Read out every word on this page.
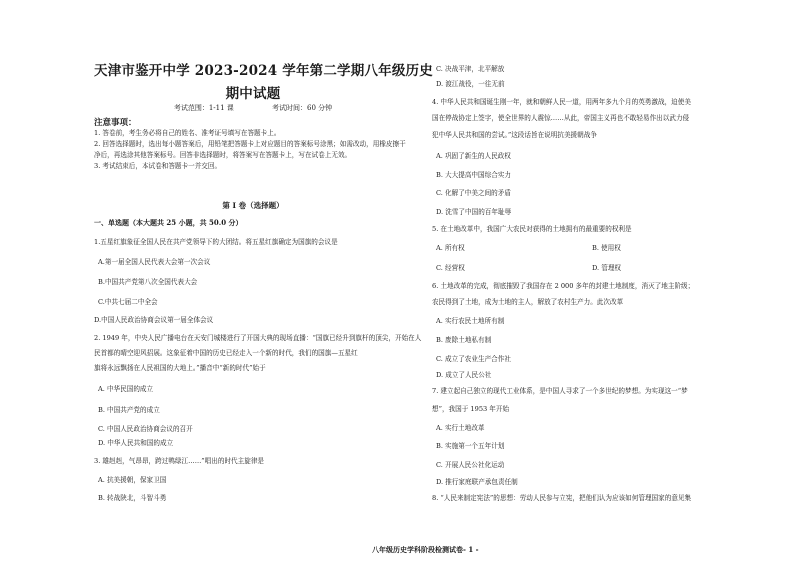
天津市鉴开中学 2023-2024 学年第二学期八年级历史
期中试题
考试范围：1-11 课	考试时间：60 分钟
注意事项：
1. 答卷前，考生务必将自己的姓名、准考证号填写在答题卡上。
2. 回答选择题时，选出每小题答案后，用铅笔把答题卡上对应题目的答案标号涂黑；如需改动，用橡皮擦干净后，再选涂其他答案标号。回答非选择题时，将答案写在答题卡上，写在试卷上无效。
3. 考试结束后，本试卷和答题卡一并交回。
第 I 卷（选择题）
一、单选题（本大题共 25 小题，共 50.0 分）
1.五星红旗象征全国人民在共产党领导下的大团结。将五星红旗确定为国旗的会议是
A.第一届全国人民代表大会第一次会议
B.中国共产党第八次全国代表大会
C.中共七届二中全会
D.中国人民政治协商会议第一届全体会议
2. 1949 年，中央人民广播电台在天安门城楼进行了开国大典的现场直播：“国旗已经升到旗杆的顶尖，开始在人
民首都的晴空迎风招展。这象征着中国的历史已经走入一个新的时代，我们的国旗—五星红
旗将永远飘扬在人民祖国的大地上。”播音中“新的时代”始于
A. 中华民国的成立
B. 中国共产党的成立
C. 中国人民政治协商会议的召开
D. 中华人民共和国的成立
3. 雄赳赳，气昂昂，跨过鸭绿江……”唱出的时代主旋律是
A. 抗美援朝，保家卫国
B. 转战陕北，斗智斗勇
C. 决战平津，北平解放
D. 渡江战役，一往无前
4. 中华人民共和国诞生刚一年，就和朝鲜人民一道，用两年多九个月的英勇激战，迫使美
国在停战协定上签字，使全世界的人震惊……从此，帝国主义再也不敢轻易作出以武力侵
犯中华人民共和国的尝试。”这段话旨在说明抗美援朝战争
A. 巩固了新生的人民政权
B. 大大提高中国综合实力
C. 化解了中美之间的矛盾
D. 洗雪了中国的百年耻辱
5. 在土地改革中，我国广大农民对获得的土地拥有的最重要的权利是
A. 所有权	B. 使用权
C. 经营权	D. 管理权
6. 土地改革的完成，彻底摧毁了我国存在 2 000 多年的封建土地制度，消灭了地主阶级；
农民得到了土地，成为土地的主人，解放了农村生产力。此次改革
A. 实行农民土地所有制
B. 废除土地私有制
C. 成立了农业生产合作社
D. 成立了人民公社
7. 建立起自己独立的现代工业体系，是中国人寻求了一个多世纪的梦想。为实现这一“梦
想”，我国于 1953 年开始
A. 实行土地改革
B. 实施第一个五年计划
C. 开展人民公社化运动
D. 推行家庭联产承包责任制
8. “人民来制定宪法”的思想：劳动人民参与立宪，把他们认为应该如何管理国家的意见集
八年级历史学科阶段检测试卷- 1 -
